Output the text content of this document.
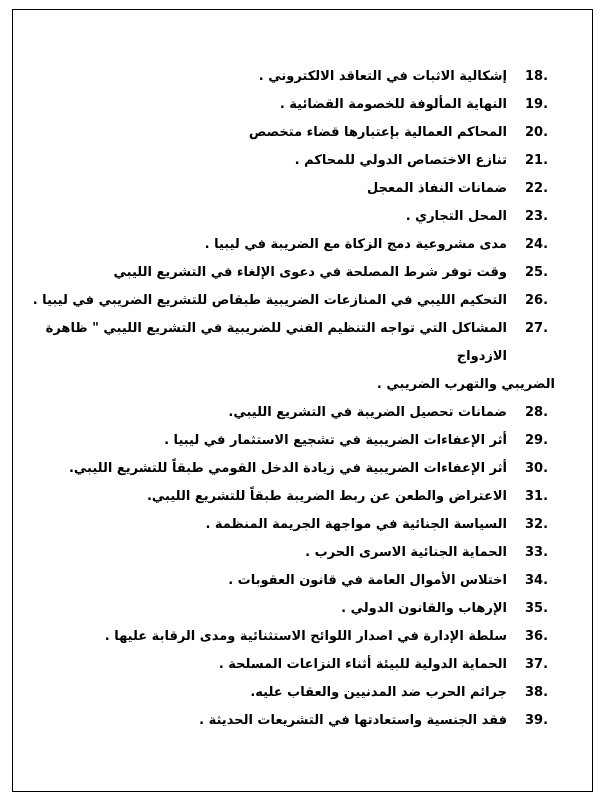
18.
إشكالية الاثبات في التعاقد الالكتروني .
19.
النهاية المألوفة للخصومة القضائية .
20.
المحاكم العمالية بإعتبارها قضاء متخصص
21.
تنازع الاختصاص الدولي للمحاكم .
22.
ضمانات النفاذ المعجل
23.
المحل التجاري .
24.
مدى مشروعية دمج الزكاة مع الضريبة في ليبيا .
25.
وقت توفر شرط المصلحة في دعوى الإلغاء في التشريع الليبي
26.
التحكيم الليبي في المنازعات الضريبية طبقاص للتشريع الضريبي في ليبيا .
27.
المشاكل التي تواجه التنظيم الفني للضريبية في التشريع الليبي " ظاهرة الازدواج
الضريبي والتهرب الضريبي .
28.
ضمانات تحصيل الضريبة في التشريع الليبي.
29.
أثر الإعفاءات الضريبية في تشجيع الاستثمار في ليبيا .
30.
أثر الإعفاءات الضريبية في زيادة الدخل القومي طبقاً للتشريع الليبي.
31.
الاعتراض والطعن عن ربط الضريبة طبقاً للتشريع الليبي.
32.
السياسة الجنائية في مواجهة الجريمة المنظمة .
33.
الحماية الجنائية الاسرى الحرب .
34.
اختلاس الأموال العامة في قانون العقوبات .
35.
الإرهاب والقانون الدولي .
36.
سلطة الإدارة في اصدار اللوائح الاستثنائية ومدى الرقابة عليها .
37.
الحماية الدولية للبيئة أثناء النزاعات المسلحة .
38.
جرائم الحرب ضد المدنيين والعقاب عليه.
39.
فقد الجنسية واستعادتها في التشريعات الحديثة .
